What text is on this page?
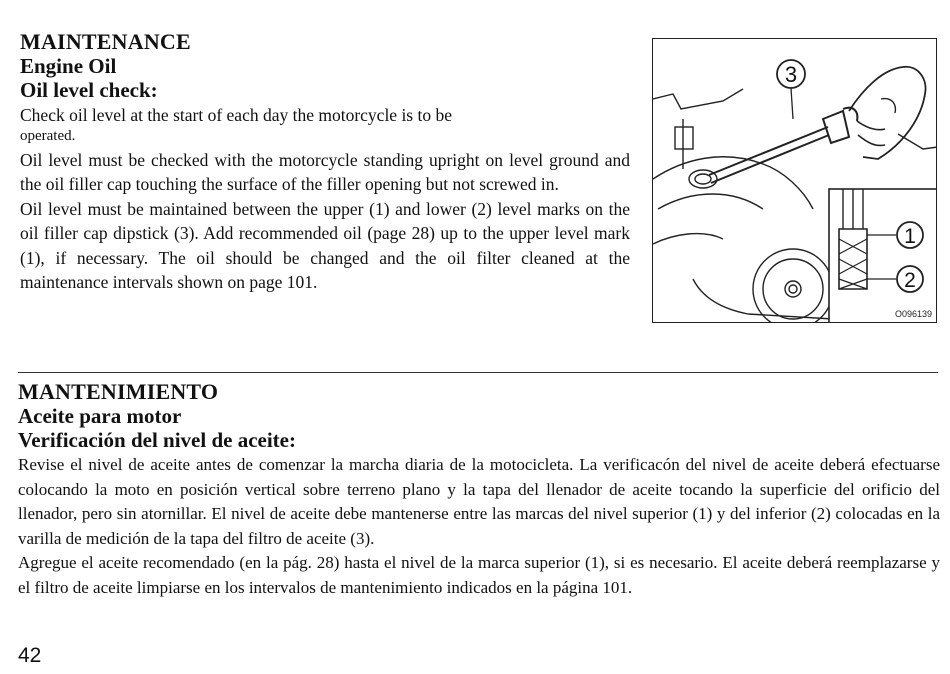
MAINTENANCE
Engine Oil
Oil level check:

Check oil level at the start of each day the motorcycle is to be

operated.

Oil level must be checked with the motorcycle standing upright on level ground and the oil filler cap touching the surface of the filler opening but not screwed in.

Oil level must be maintained between the upper (1) and lower (2) level marks on the oil filler cap dipstick (3). Add recommended oil (page 28) up to the upper level mark (1), if necessary. The oil should be changed and the oil filter cleaned at the maintenance intervals shown on page 101.

3
1
2
O096139
MANTENIMIENTO
Aceite para motor
Verificación del nivel de aceite:

Revise el nivel de aceite antes de comenzar la marcha diaria de la motocicleta. La verificacón del nivel de aceite deberá efectuarse colocando la moto en posición vertical sobre terreno plano y la tapa del llenador de aceite tocando la superficie del orificio del llenador, pero sin atornillar. El nivel de aceite debe mantenerse entre las marcas del nivel superior (1) y del inferior (2) colocadas en la varilla de medición de la tapa del filtro de aceite (3).

Agregue el aceite recomendado (en la pág. 28) hasta el nivel de la marca superior (1), si es necesario. El aceite deberá reemplazarse y el filtro de aceite limpiarse en los intervalos de mantenimiento indicados en la página 101.

42
